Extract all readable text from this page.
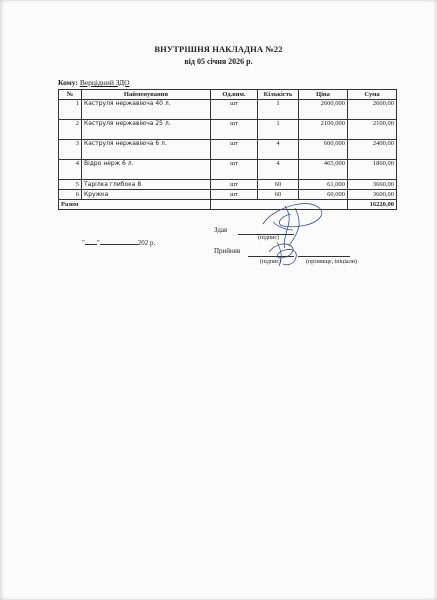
ВНУТРІШНЯ НАКЛАДНА №22
від 05 січня 2026 р.
Кому: Верцідний ЗДО
№	Найменування	Од.вим.	Кількість	Ціна	Сума
1	Каструля нержавіюча 40 л.	шт	1	2600,000	2600,00
2	Каструля нержавіюча 25 л.	шт	1	2100,000	2100,00
3	Каструля нержавіюча 6 л.	шт	4	600,000	2400,00
4	Відро нерж 6 л.	шт	4	465,000	1860,00
5	Тарілка глибока 8	шт	60	61,000	3660,00
6	Кружка	шт	60	60,000	3600,00
Разом					16220,00
" "	202 р.
Здав
(підпис)
Прийняв
(підпис)	(прізвище, ініціали)
